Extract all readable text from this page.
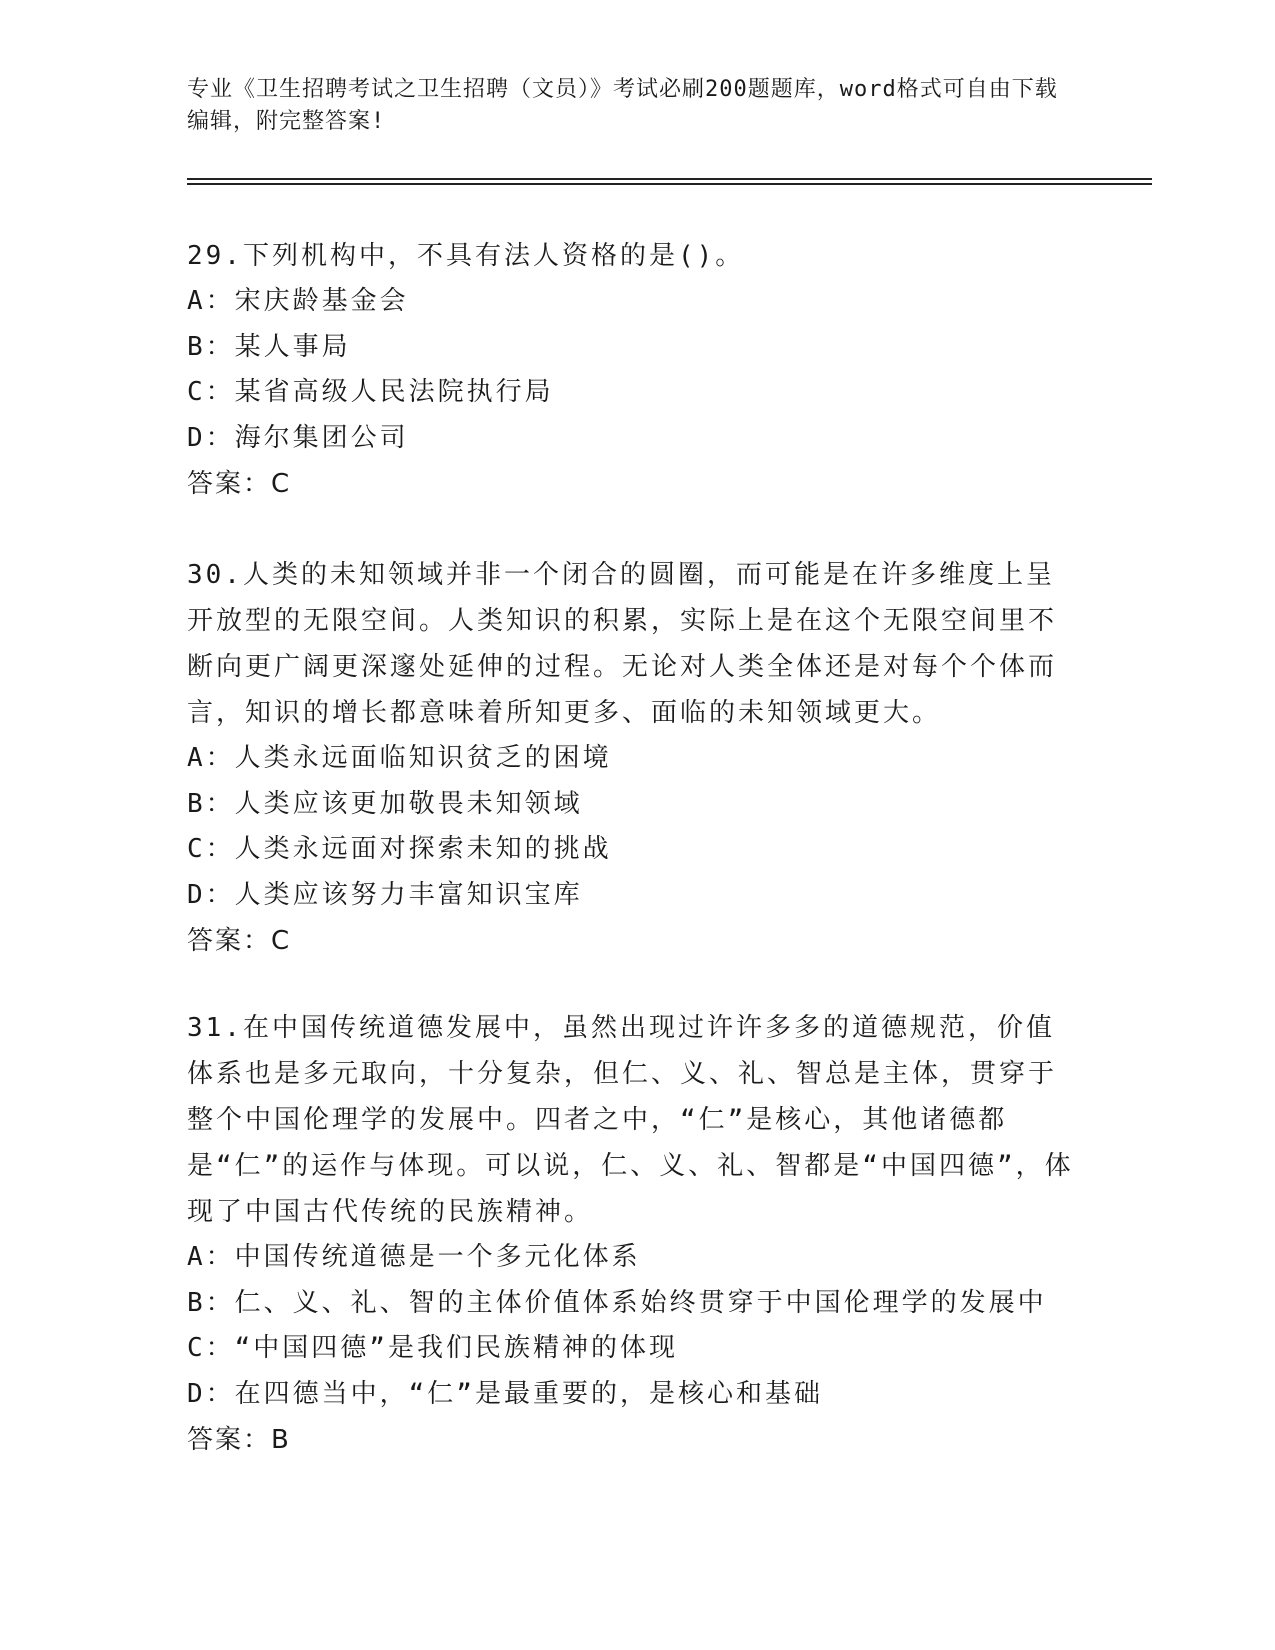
专业《卫生招聘考试之卫生招聘（文员）》考试必刷200题题库，word格式可自由下载编辑，附完整答案!
29.下列机构中，不具有法人资格的是()。
A：宋庆龄基金会
B：某人事局
C：某省高级人民法院执行局
D：海尔集团公司
答案：C
30.人类的未知领域并非一个闭合的圆圈，而可能是在许多维度上呈开放型的无限空间。人类知识的积累，实际上是在这个无限空间里不断向更广阔更深邃处延伸的过程。无论对人类全体还是对每个个体而言，知识的增长都意味着所知更多、面临的未知领域更大。
A：人类永远面临知识贫乏的困境
B：人类应该更加敬畏未知领域
C：人类永远面对探索未知的挑战
D：人类应该努力丰富知识宝库
答案：C
31.在中国传统道德发展中，虽然出现过许许多多的道德规范，价值体系也是多元取向，十分复杂，但仁、义、礼、智总是主体，贯穿于整个中国伦理学的发展中。四者之中，“仁”是核心，其他诸德都是“仁”的运作与体现。可以说，仁、义、礼、智都是“中国四德”，体现了中国古代传统的民族精神。
A：中国传统道德是一个多元化体系
B：仁、义、礼、智的主体价值体系始终贯穿于中国伦理学的发展中
C：“中国四德”是我们民族精神的体现
D：在四德当中，“仁”是最重要的，是核心和基础
答案：B
